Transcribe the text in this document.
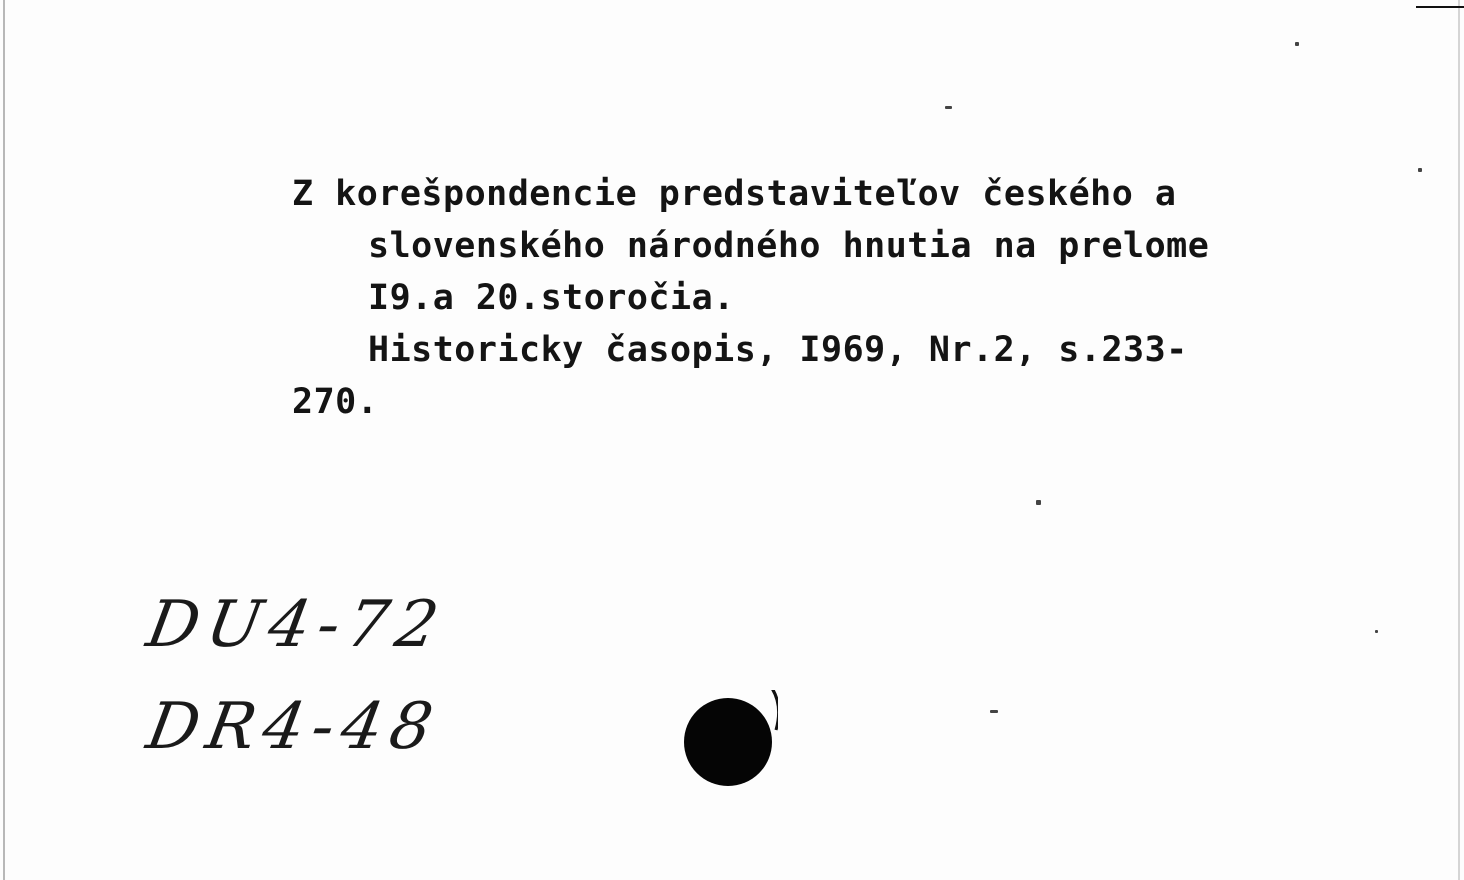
Z korešpondencie predstaviteľov českého a
slovenského národného hnutia na prelome
I9.a 20.storočia.
Historicky časopis, I969, Nr.2, s.233-
270.
DU4-72
DR4-48
